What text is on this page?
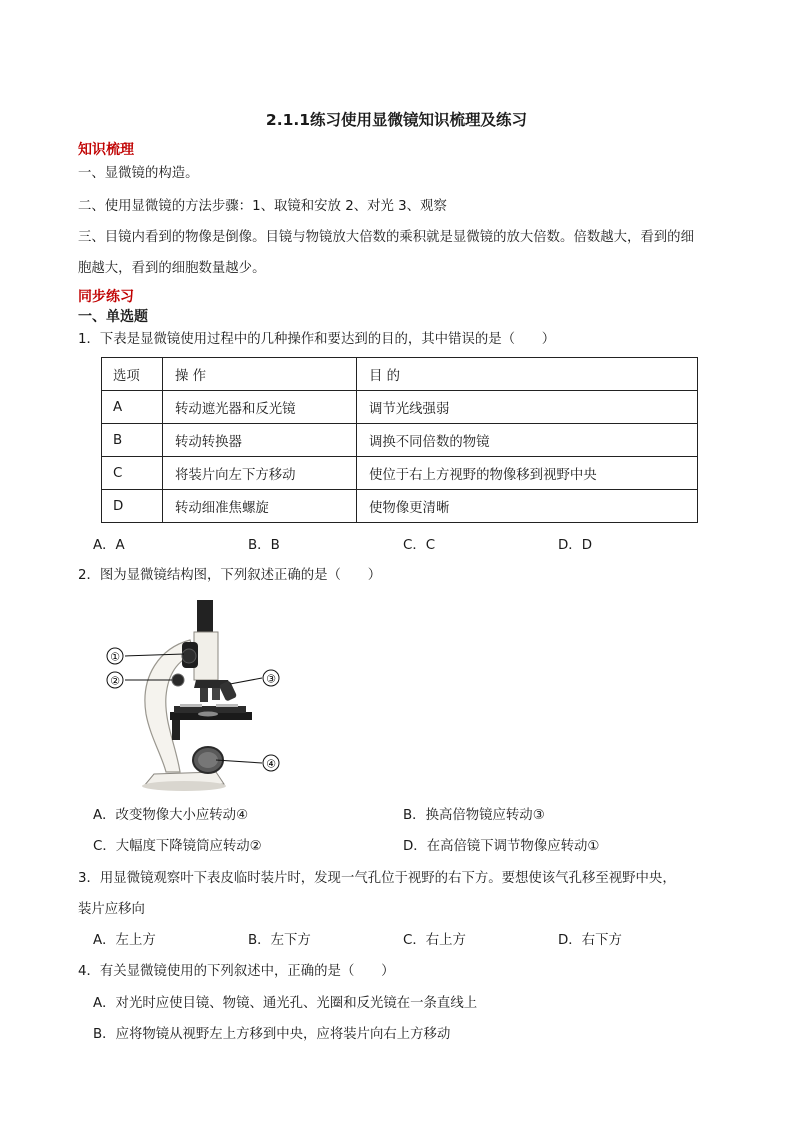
2.1.1练习使用显微镜知识梳理及练习
知识梳理
一、显微镜的构造。
二、使用显微镜的方法步骤：1、取镜和安放 2、对光 3、观察
三、目镜内看到的物像是倒像。目镜与物镜放大倍数的乘积就是显微镜的放大倍数。倍数越大，看到的细
胞越大，看到的细胞数量越少。
同步练习
一、单选题
1．下表是显微镜使用过程中的几种操作和要达到的目的，其中错误的是（　　）
选项	操 作	目 的
A	转动遮光器和反光镜	调节光线强弱
B	转动转换器	调换不同倍数的物镜
C	将装片向左下方移动	使位于右上方视野的物像移到视野中央
D	转动细准焦螺旋	使物像更清晰
A．A	B．B	C．C	D．D
2．图为显微镜结构图，下列叙述正确的是（　　）
①
②	③
④
A．改变物像大小应转动④	B．换高倍物镜应转动③
C．大幅度下降镜筒应转动②	D．在高倍镜下调节物像应转动①
3．用显微镜观察叶下表皮临时装片时，发现一气孔位于视野的右下方。要想使该气孔移至视野中央，
装片应移向
A．左上方	B．左下方	C．右上方	D．右下方
4．有关显微镜使用的下列叙述中，正确的是（　　）
A．对光时应使目镜、物镜、通光孔、光圈和反光镜在一条直线上
B．应将物镜从视野左上方移到中央，应将装片向右上方移动
